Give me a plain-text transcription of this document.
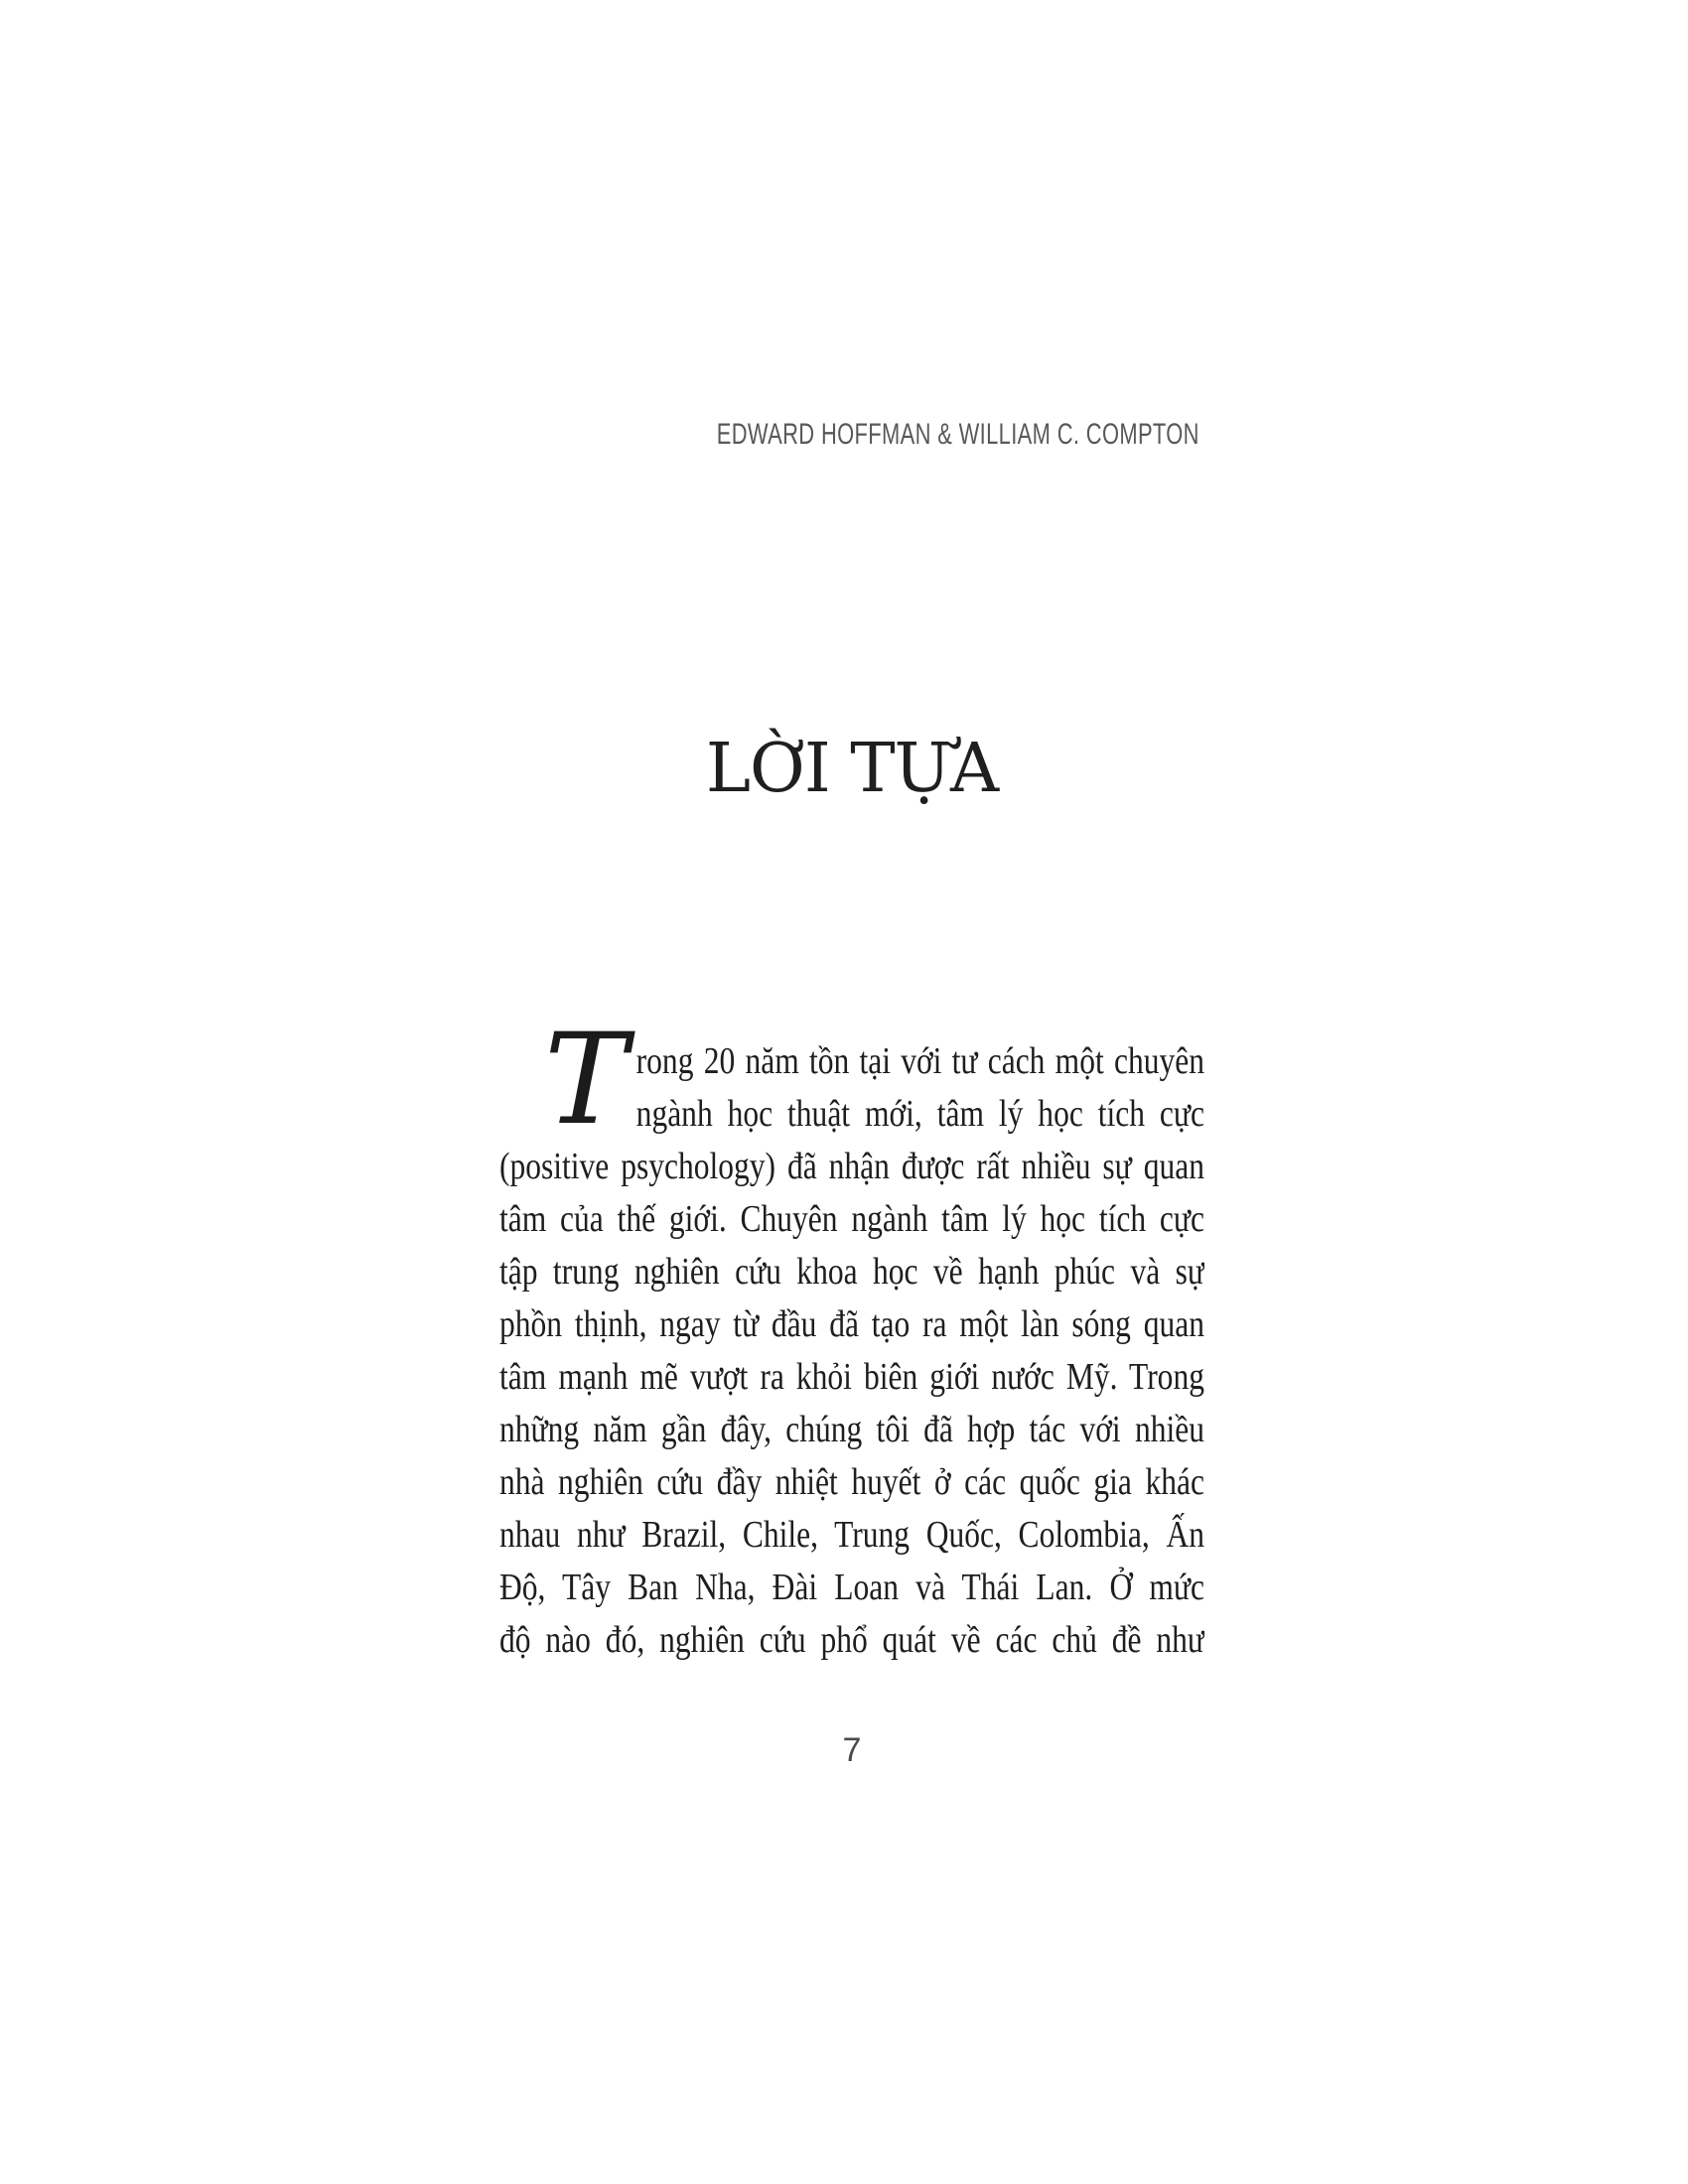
EDWARD HOFFMAN & WILLIAM C. COMPTON
LỜI TỰA
T rong 20 năm tồn tại với tư cách một chuyên
ngành học thuật mới, tâm lý học tích cực
(positive psychology) đã nhận được rất nhiều sự quan
tâm của thế giới. Chuyên ngành tâm lý học tích cực
tập trung nghiên cứu khoa học về hạnh phúc và sự
phồn thịnh, ngay từ đầu đã tạo ra một làn sóng quan
tâm mạnh mẽ vượt ra khỏi biên giới nước Mỹ. Trong
những năm gần đây, chúng tôi đã hợp tác với nhiều
nhà nghiên cứu đầy nhiệt huyết ở các quốc gia khác
nhau như Brazil, Chile, Trung Quốc, Colombia, Ấn
Độ, Tây Ban Nha, Đài Loan và Thái Lan. Ở mức
độ nào đó, nghiên cứu phổ quát về các chủ đề như
7
